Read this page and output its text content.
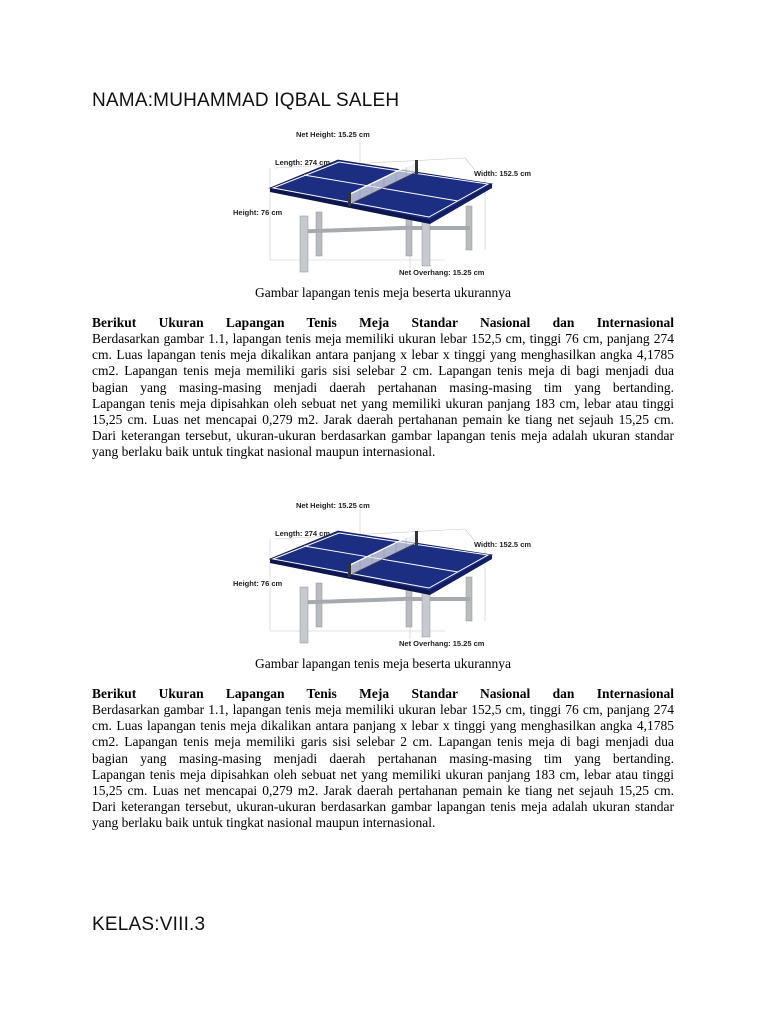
NAMA:MUHAMMAD IQBAL SALEH
Net Height: 15.25 cm
Length: 274 cm
Width: 152.5 cm
Height: 76 cm
Net Overhang: 15.25 cm
Gambar lapangan tenis meja beserta ukurannya
Berikut Ukuran Lapangan Tenis Meja Standar Nasional dan Internasional

Berdasarkan gambar 1.1, lapangan tenis meja memiliki ukuran lebar 152,5 cm, tinggi 76 cm, panjang 274 cm. Luas lapangan tenis meja dikalikan antara panjang x lebar x tinggi yang menghasilkan angka 4,1785 cm2. Lapangan tenis meja memiliki garis sisi selebar 2 cm. Lapangan tenis meja di bagi menjadi dua bagian yang masing-masing menjadi daerah pertahanan masing-masing tim yang bertanding.

Lapangan tenis meja dipisahkan oleh sebuat net yang memiliki ukuran panjang 183 cm, lebar atau tinggi 15,25 cm. Luas net mencapai 0,279 m2. Jarak daerah pertahanan pemain ke tiang net sejauh 15,25 cm.

Dari keterangan tersebut, ukuran-ukuran berdasarkan gambar lapangan tenis meja adalah ukuran standar yang berlaku baik untuk tingkat nasional maupun internasional.

Net Height: 15.25 cm
Length: 274 cm
Width: 152.5 cm
Height: 76 cm
Net Overhang: 15.25 cm
Gambar lapangan tenis meja beserta ukurannya
Berikut Ukuran Lapangan Tenis Meja Standar Nasional dan Internasional

Berdasarkan gambar 1.1, lapangan tenis meja memiliki ukuran lebar 152,5 cm, tinggi 76 cm, panjang 274 cm. Luas lapangan tenis meja dikalikan antara panjang x lebar x tinggi yang menghasilkan angka 4,1785 cm2. Lapangan tenis meja memiliki garis sisi selebar 2 cm. Lapangan tenis meja di bagi menjadi dua bagian yang masing-masing menjadi daerah pertahanan masing-masing tim yang bertanding.

Lapangan tenis meja dipisahkan oleh sebuat net yang memiliki ukuran panjang 183 cm, lebar atau tinggi 15,25 cm. Luas net mencapai 0,279 m2. Jarak daerah pertahanan pemain ke tiang net sejauh 15,25 cm.

Dari keterangan tersebut, ukuran-ukuran berdasarkan gambar lapangan tenis meja adalah ukuran standar yang berlaku baik untuk tingkat nasional maupun internasional.

KELAS:VIII.3
